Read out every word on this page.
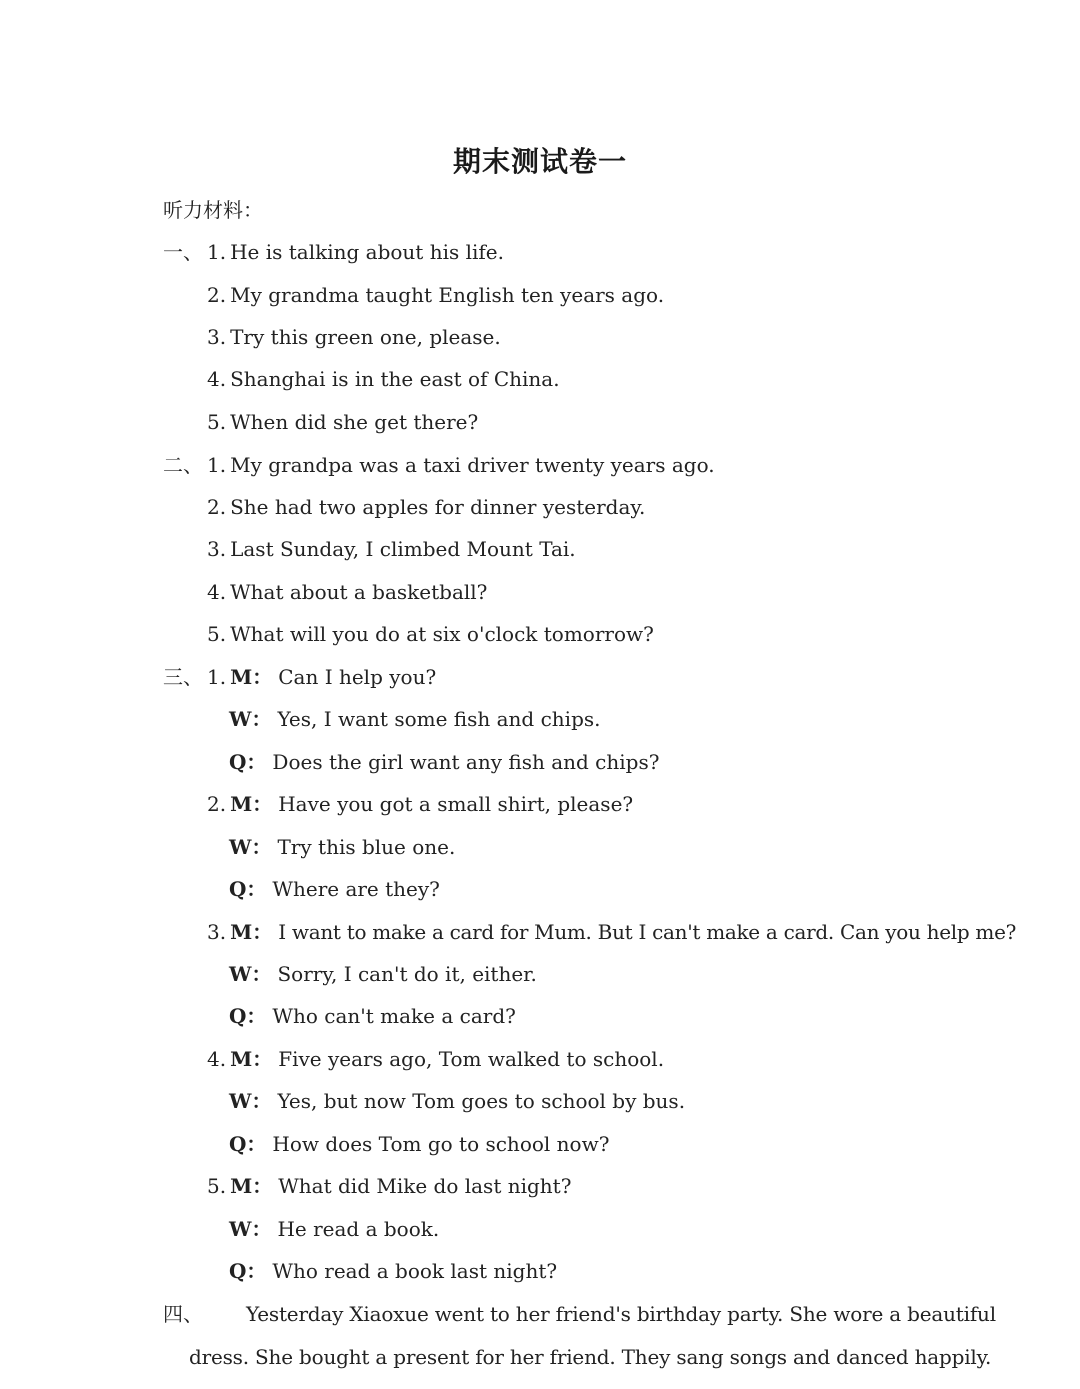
期末测试卷一
听力材料：
一、 1. He is talking about his life.
2. My grandma taught English ten years ago.
3. Try this green one, please.
4. Shanghai is in the east of China.
5. When did she get there?
二、 1. My grandpa was a taxi driver twenty years ago.
2. She had two apples for dinner yesterday.
3. Last Sunday, I climbed Mount Tai.
4. What about a basketball?
5. What will you do at six o'clock tomorrow?
三、 1. M： Can I help you?
W： Yes, I want some fish and chips.
Q： Does the girl want any fish and chips?
2. M： Have you got a small shirt, please?
W： Try this blue one.
Q： Where are they?
3. M： I want to make a card for Mum. But I can't make a card. Can you help me?
W： Sorry, I can't do it, either.
Q： Who can't make a card?
4. M： Five years ago, Tom walked to school.
W： Yes, but now Tom goes to school by bus.
Q： How does Tom go to school now?
5. M： What did Mike do last night?
W： He read a book.
Q： Who read a book last night?
四、 Yesterday Xiaoxue went to her friend's birthday party. She wore a beautiful
dress. She bought a present for her friend. They sang songs and danced happily.
